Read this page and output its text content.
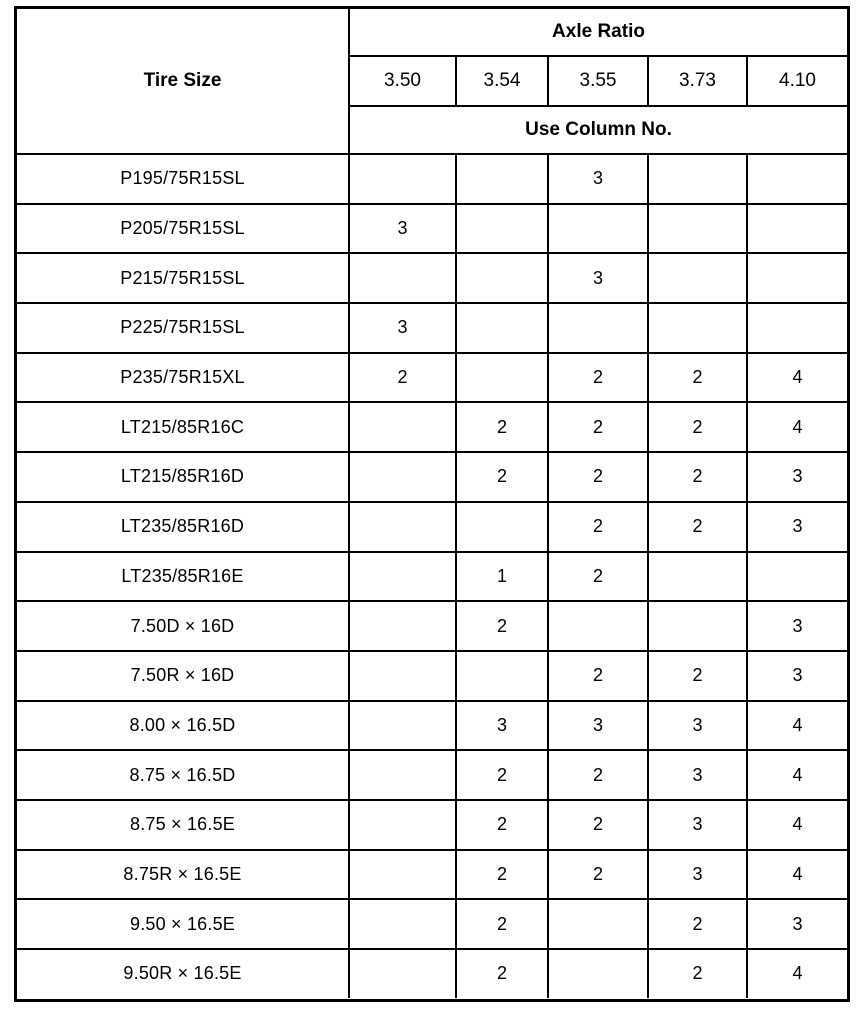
Tire Size	Axle Ratio				
	3.50	3.54	3.55	3.73	4.10
	Use Column No.				
P195/75R15SL			3		
P205/75R15SL	3				
P215/75R15SL			3		
P225/75R15SL	3				
P235/75R15XL	2		2	2	4
LT215/85R16C		2	2	2	4
LT215/85R16D		2	2	2	3
LT235/85R16D			2	2	3
LT235/85R16E		1	2		
7.50D × 16D		2			3
7.50R × 16D			2	2	3
8.00 × 16.5D		3	3	3	4
8.75 × 16.5D		2	2	3	4
8.75 × 16.5E		2	2	3	4
8.75R × 16.5E		2	2	3	4
9.50 × 16.5E		2		2	3
9.50R × 16.5E		2		2	4
